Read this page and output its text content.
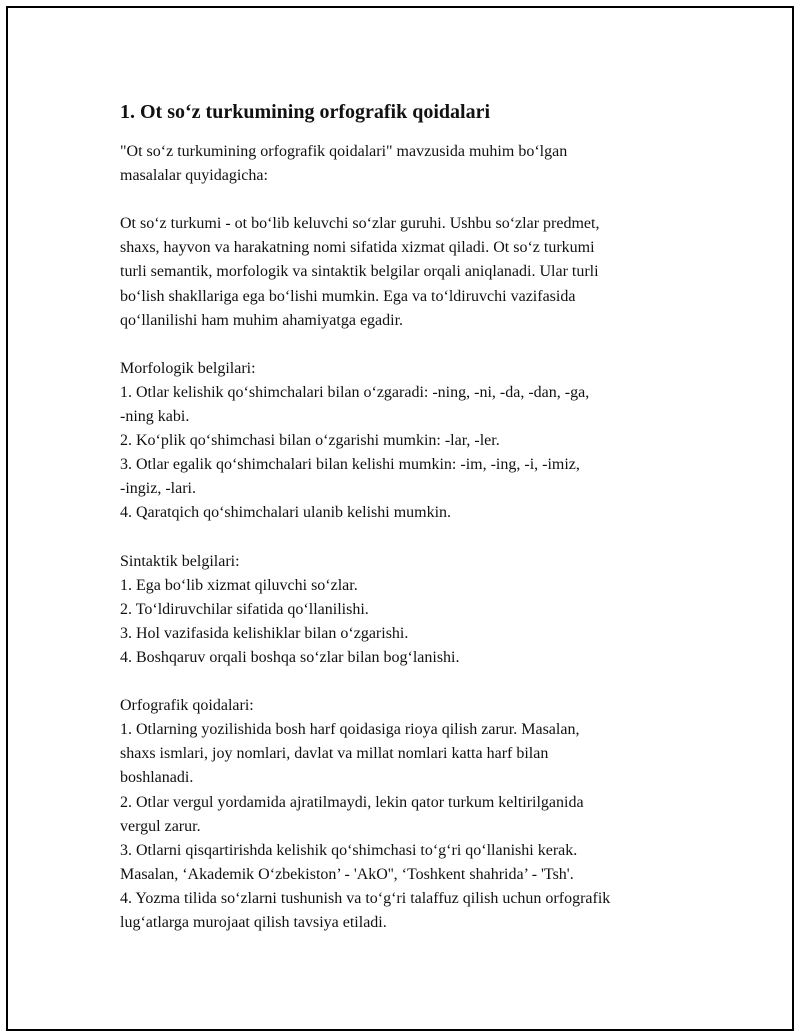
1. Ot so‘z turkumining orfografik qoidalari
"Ot so‘z turkumining orfografik qoidalari" mavzusida muhim bo‘lgan
masalalar quyidagicha:
Ot so‘z turkumi - ot bo‘lib keluvchi so‘zlar guruhi. Ushbu so‘zlar predmet,
shaxs, hayvon va harakatning nomi sifatida xizmat qiladi. Ot so‘z turkumi
turli semantik, morfologik va sintaktik belgilar orqali aniqlanadi. Ular turli
bo‘lish shakllariga ega bo‘lishi mumkin. Ega va to‘ldiruvchi vazifasida
qo‘llanilishi ham muhim ahamiyatga egadir.
Morfologik belgilari:
1. Otlar kelishik qo‘shimchalari bilan o‘zgaradi: -ning, -ni, -da, -dan, -ga,
-ning kabi.
2. Ko‘plik qo‘shimchasi bilan o‘zgarishi mumkin: -lar, -ler.
3. Otlar egalik qo‘shimchalari bilan kelishi mumkin: -im, -ing, -i, -imiz,
-ingiz, -lari.
4. Qaratqich qo‘shimchalari ulanib kelishi mumkin.
Sintaktik belgilari:
1. Ega bo‘lib xizmat qiluvchi so‘zlar.
2. To‘ldiruvchilar sifatida qo‘llanilishi.
3. Hol vazifasida kelishiklar bilan o‘zgarishi.
4. Boshqaruv orqali boshqa so‘zlar bilan bog‘lanishi.
Orfografik qoidalari:
1. Otlarning yozilishida bosh harf qoidasiga rioya qilish zarur. Masalan,
shaxs ismlari, joy nomlari, davlat va millat nomlari katta harf bilan
boshlanadi.
2. Otlar vergul yordamida ajratilmaydi, lekin qator turkum keltirilganida
vergul zarur.
3. Otlarni qisqartirishda kelishik qo‘shimchasi to‘g‘ri qo‘llanishi kerak.
Masalan, ‘Akademik O‘zbekiston’ - 'AkO'', ‘Toshkent shahrida’ - 'Tsh'.
4. Yozma tilida so‘zlarni tushunish va to‘g‘ri talaffuz qilish uchun orfografik
lug‘atlarga murojaat qilish tavsiya etiladi.
